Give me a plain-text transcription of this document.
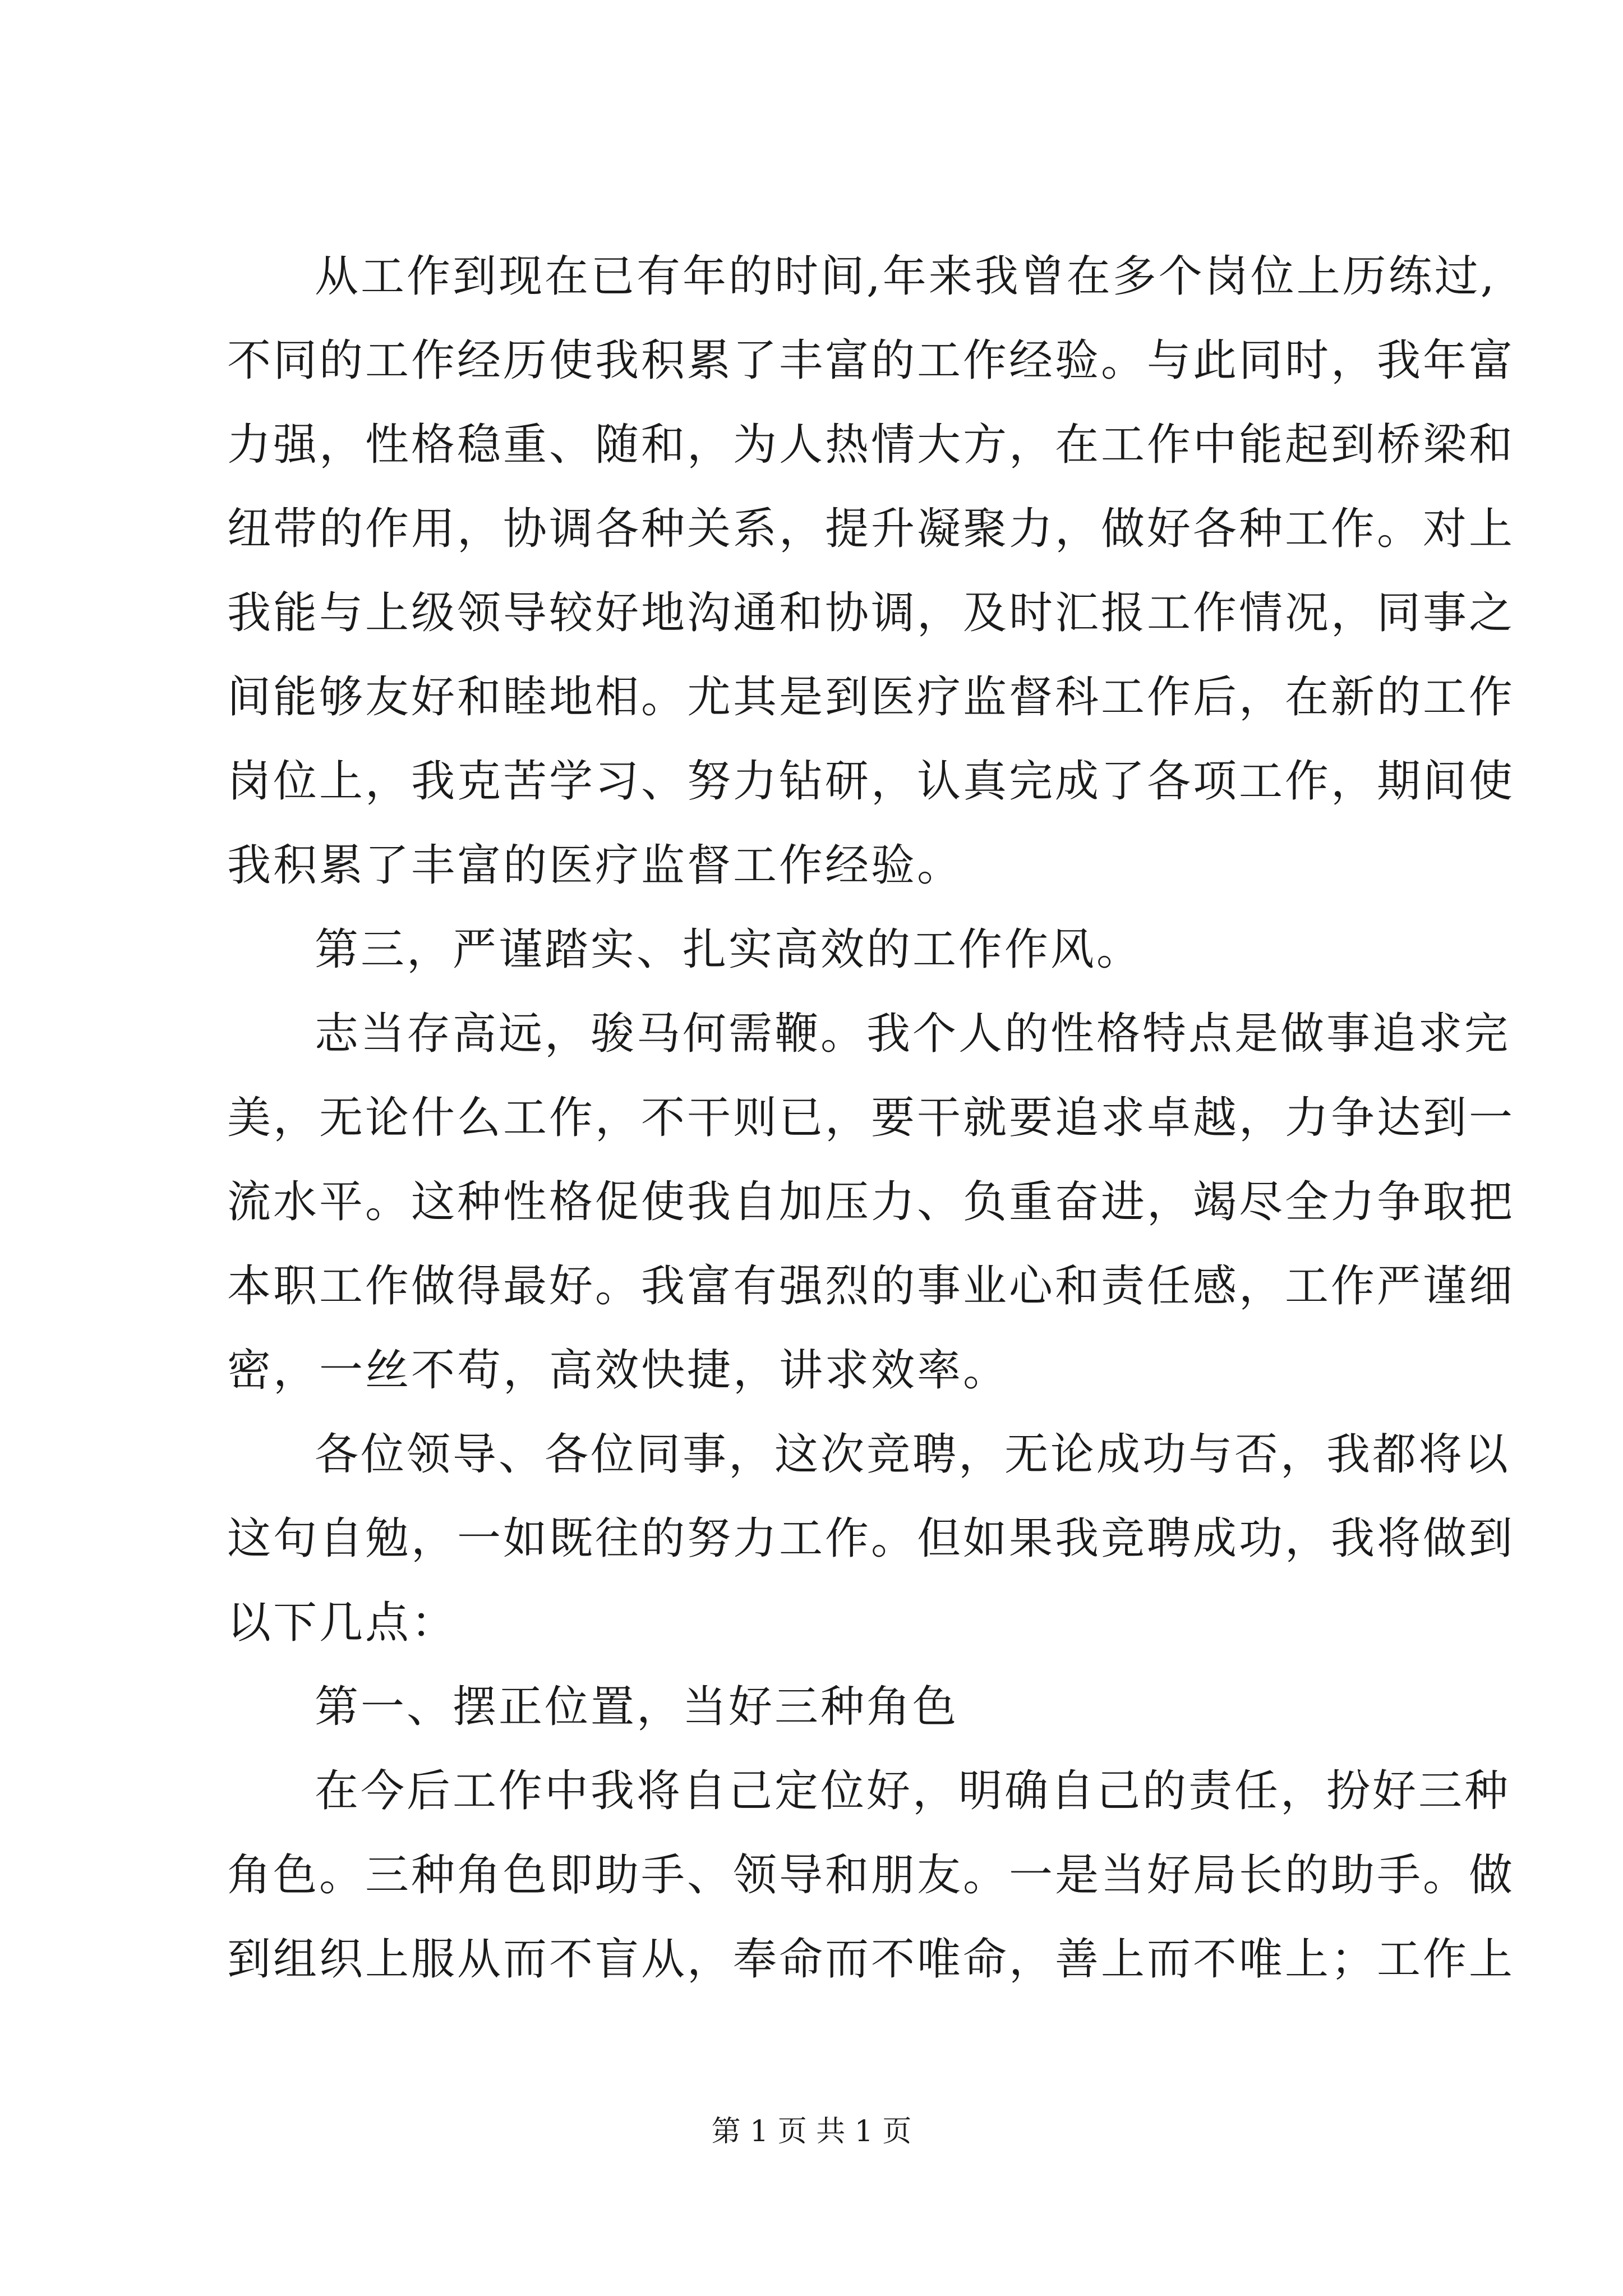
从工作到现在已有年的时间,年来我曾在多个岗位上历练过,
不同的工作经历使我积累了丰富的工作经验。与此同时，我年富
力强，性格稳重、随和，为人热情大方，在工作中能起到桥梁和
纽带的作用，协调各种关系，提升凝聚力，做好各种工作。对上
我能与上级领导较好地沟通和协调，及时汇报工作情况，同事之
间能够友好和睦地相。尤其是到医疗监督科工作后，在新的工作
岗位上，我克苦学习、努力钻研，认真完成了各项工作，期间使
我积累了丰富的医疗监督工作经验。
第三，严谨踏实、扎实高效的工作作风。
志当存高远，骏马何需鞭。我个人的性格特点是做事追求完
美，无论什么工作，不干则已，要干就要追求卓越，力争达到一
流水平。这种性格促使我自加压力、负重奋进，竭尽全力争取把
本职工作做得最好。我富有强烈的事业心和责任感，工作严谨细
密，一丝不苟，高效快捷，讲求效率。
各位领导、各位同事，这次竞聘，无论成功与否，我都将以
这句自勉，一如既往的努力工作。但如果我竞聘成功，我将做到
以下几点：
第一、摆正位置，当好三种角色
在今后工作中我将自己定位好，明确自己的责任，扮好三种
角色。三种角色即助手、领导和朋友。一是当好局长的助手。做
到组织上服从而不盲从，奉命而不唯命，善上而不唯上；工作上
第 1 页 共 1 页
